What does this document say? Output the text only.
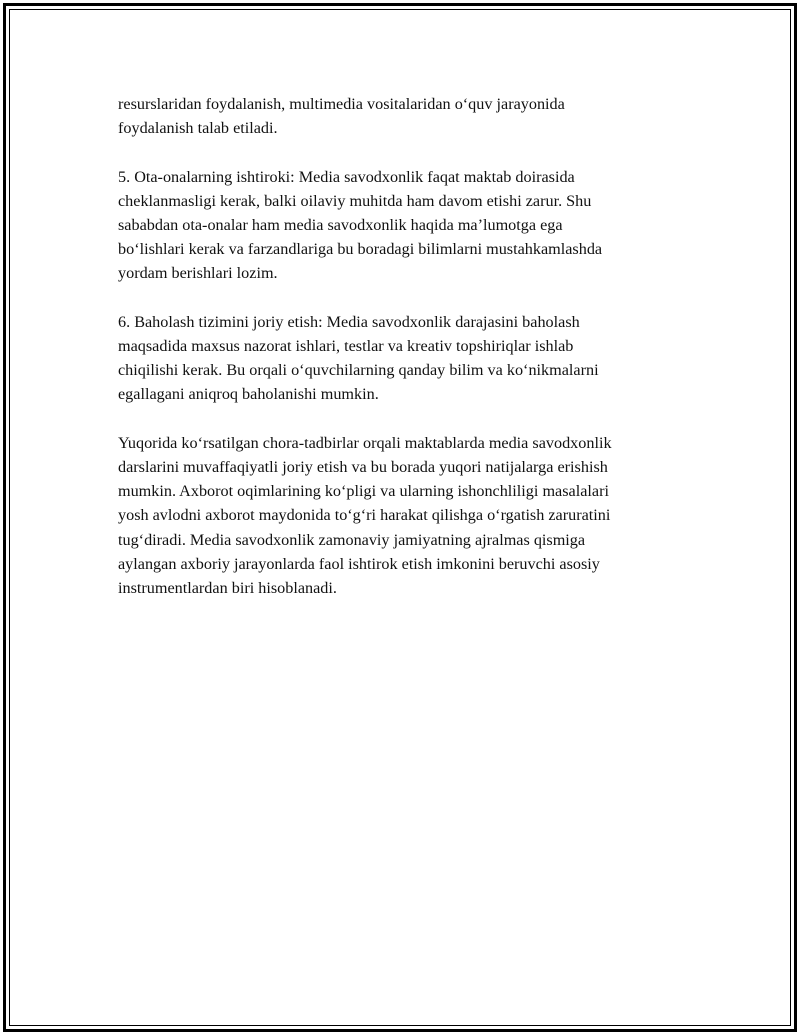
resurslaridan foydalanish, multimedia vositalaridan o‘quv jarayonida
foydalanish talab etiladi.

5. Ota-onalarning ishtiroki: Media savodxonlik faqat maktab doirasida
cheklanmasligi kerak, balki oilaviy muhitda ham davom etishi zarur. Shu
sababdan ota-onalar ham media savodxonlik haqida ma’lumotga ega
bo‘lishlari kerak va farzandlariga bu boradagi bilimlarni mustahkamlashda
yordam berishlari lozim.

6. Baholash tizimini joriy etish: Media savodxonlik darajasini baholash
maqsadida maxsus nazorat ishlari, testlar va kreativ topshiriqlar ishlab
chiqilishi kerak. Bu orqali o‘quvchilarning qanday bilim va ko‘nikmalarni
egallagani aniqroq baholanishi mumkin.

Yuqorida ko‘rsatilgan chora-tadbirlar orqali maktablarda media savodxonlik
darslarini muvaffaqiyatli joriy etish va bu borada yuqori natijalarga erishish
mumkin. Axborot oqimlarining ko‘pligi va ularning ishonchliligi masalalari
yosh avlodni axborot maydonida to‘g‘ri harakat qilishga o‘rgatish zaruratini
tug‘diradi. Media savodxonlik zamonaviy jamiyatning ajralmas qismiga
aylangan axboriy jarayonlarda faol ishtirok etish imkonini beruvchi asosiy
instrumentlardan biri hisoblanadi.
